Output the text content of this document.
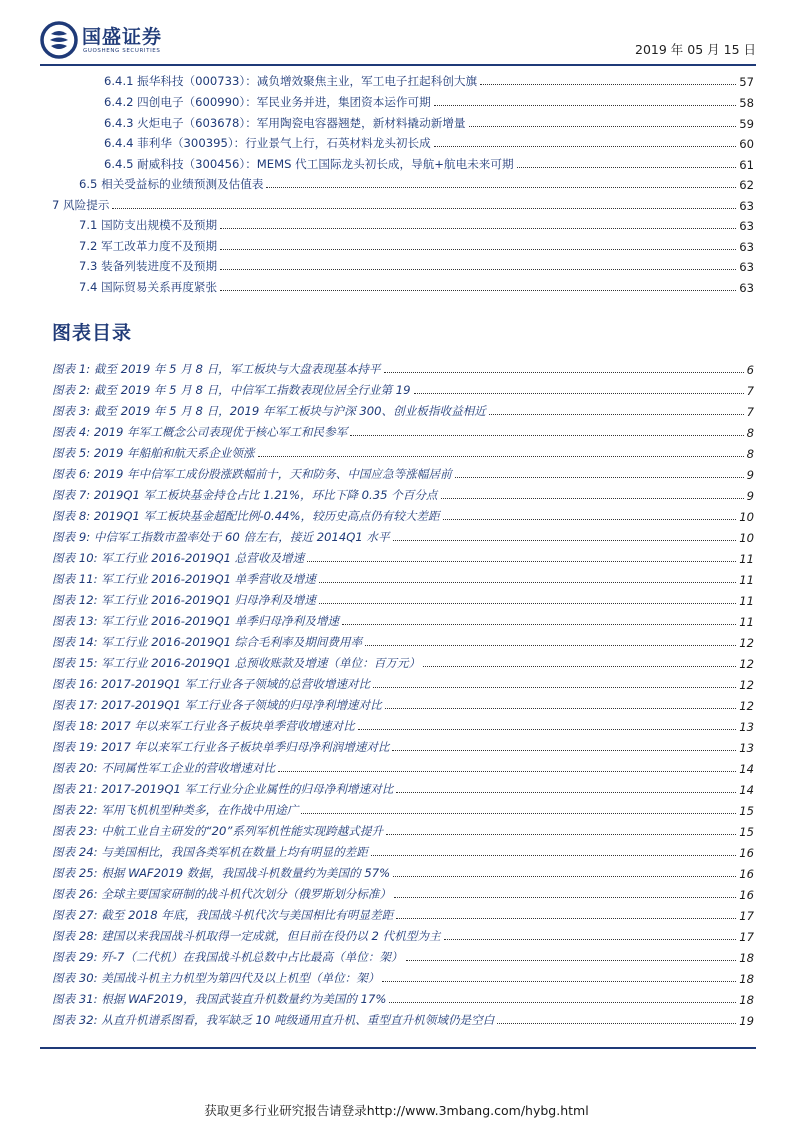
国盛证券
GUOSHENG SECURITIES	2019 年 05 月 15 日
6.4.1 振华科技（000733）：减负增效聚焦主业，军工电子扛起科创大旗	57
6.4.2 四创电子（600990）：军民业务并进，集团资本运作可期	58
6.4.3 火炬电子（603678）：军用陶瓷电容器翘楚，新材料撬动新增量	59
6.4.4 菲利华（300395）：行业景气上行，石英材料龙头初长成	60
6.4.5 耐威科技（300456）：MEMS 代工国际龙头初长成，导航+航电未来可期	61
6.5 相关受益标的业绩预测及估值表	62
7 风险提示	63
7.1 国防支出规模不及预期	63
7.2 军工改革力度不及预期	63
7.3 装备列装进度不及预期	63
7.4 国际贸易关系再度紧张	63
图表目录
图表 1: 截至 2019 年 5 月 8 日，军工板块与大盘表现基本持平	6
图表 2: 截至 2019 年 5 月 8 日，中信军工指数表现位居全行业第 19	7
图表 3: 截至 2019 年 5 月 8 日，2019 年军工板块与沪深 300、创业板指收益相近	7
图表 4: 2019 年军工概念公司表现优于核心军工和民参军	8
图表 5: 2019 年船舶和航天系企业领涨	8
图表 6: 2019 年中信军工成份股涨跌幅前十，天和防务、中国应急等涨幅居前	9
图表 7: 2019Q1 军工板块基金持仓占比 1.21%，环比下降 0.35 个百分点	9
图表 8: 2019Q1 军工板块基金超配比例-0.44%，较历史高点仍有较大差距	10
图表 9: 中信军工指数市盈率处于 60 倍左右，接近 2014Q1 水平	10
图表 10: 军工行业 2016-2019Q1 总营收及增速	11
图表 11: 军工行业 2016-2019Q1 单季营收及增速	11
图表 12: 军工行业 2016-2019Q1 归母净利及增速	11
图表 13: 军工行业 2016-2019Q1 单季归母净利及增速	11
图表 14: 军工行业 2016-2019Q1 综合毛利率及期间费用率	12
图表 15: 军工行业 2016-2019Q1 总预收账款及增速（单位：百万元）	12
图表 16: 2017-2019Q1 军工行业各子领域的总营收增速对比	12
图表 17: 2017-2019Q1 军工行业各子领域的归母净利增速对比	12
图表 18: 2017 年以来军工行业各子板块单季营收增速对比	13
图表 19: 2017 年以来军工行业各子板块单季归母净利润增速对比	13
图表 20: 不同属性军工企业的营收增速对比	14
图表 21: 2017-2019Q1 军工行业分企业属性的归母净利增速对比	14
图表 22: 军用飞机机型种类多，在作战中用途广	15
图表 23: 中航工业自主研发的“20”系列军机性能实现跨越式提升	15
图表 24: 与美国相比，我国各类军机在数量上均有明显的差距	16
图表 25: 根据 WAF2019 数据，我国战斗机数量约为美国的 57%	16
图表 26: 全球主要国家研制的战斗机代次划分（俄罗斯划分标准）	16
图表 27: 截至 2018 年底，我国战斗机代次与美国相比有明显差距	17
图表 28: 建国以来我国战斗机取得一定成就，但目前在役仍以 2 代机型为主	17
图表 29: 歼-7（二代机）在我国战斗机总数中占比最高（单位：架）	18
图表 30: 美国战斗机主力机型为第四代及以上机型（单位：架）	18
图表 31: 根据 WAF2019，我国武装直升机数量约为美国的 17%	18
图表 32: 从直升机谱系图看，我军缺乏 10 吨级通用直升机、重型直升机领域仍是空白	19
获取更多行业研究报告请登录http://www.3mbang.com/hybg.html
